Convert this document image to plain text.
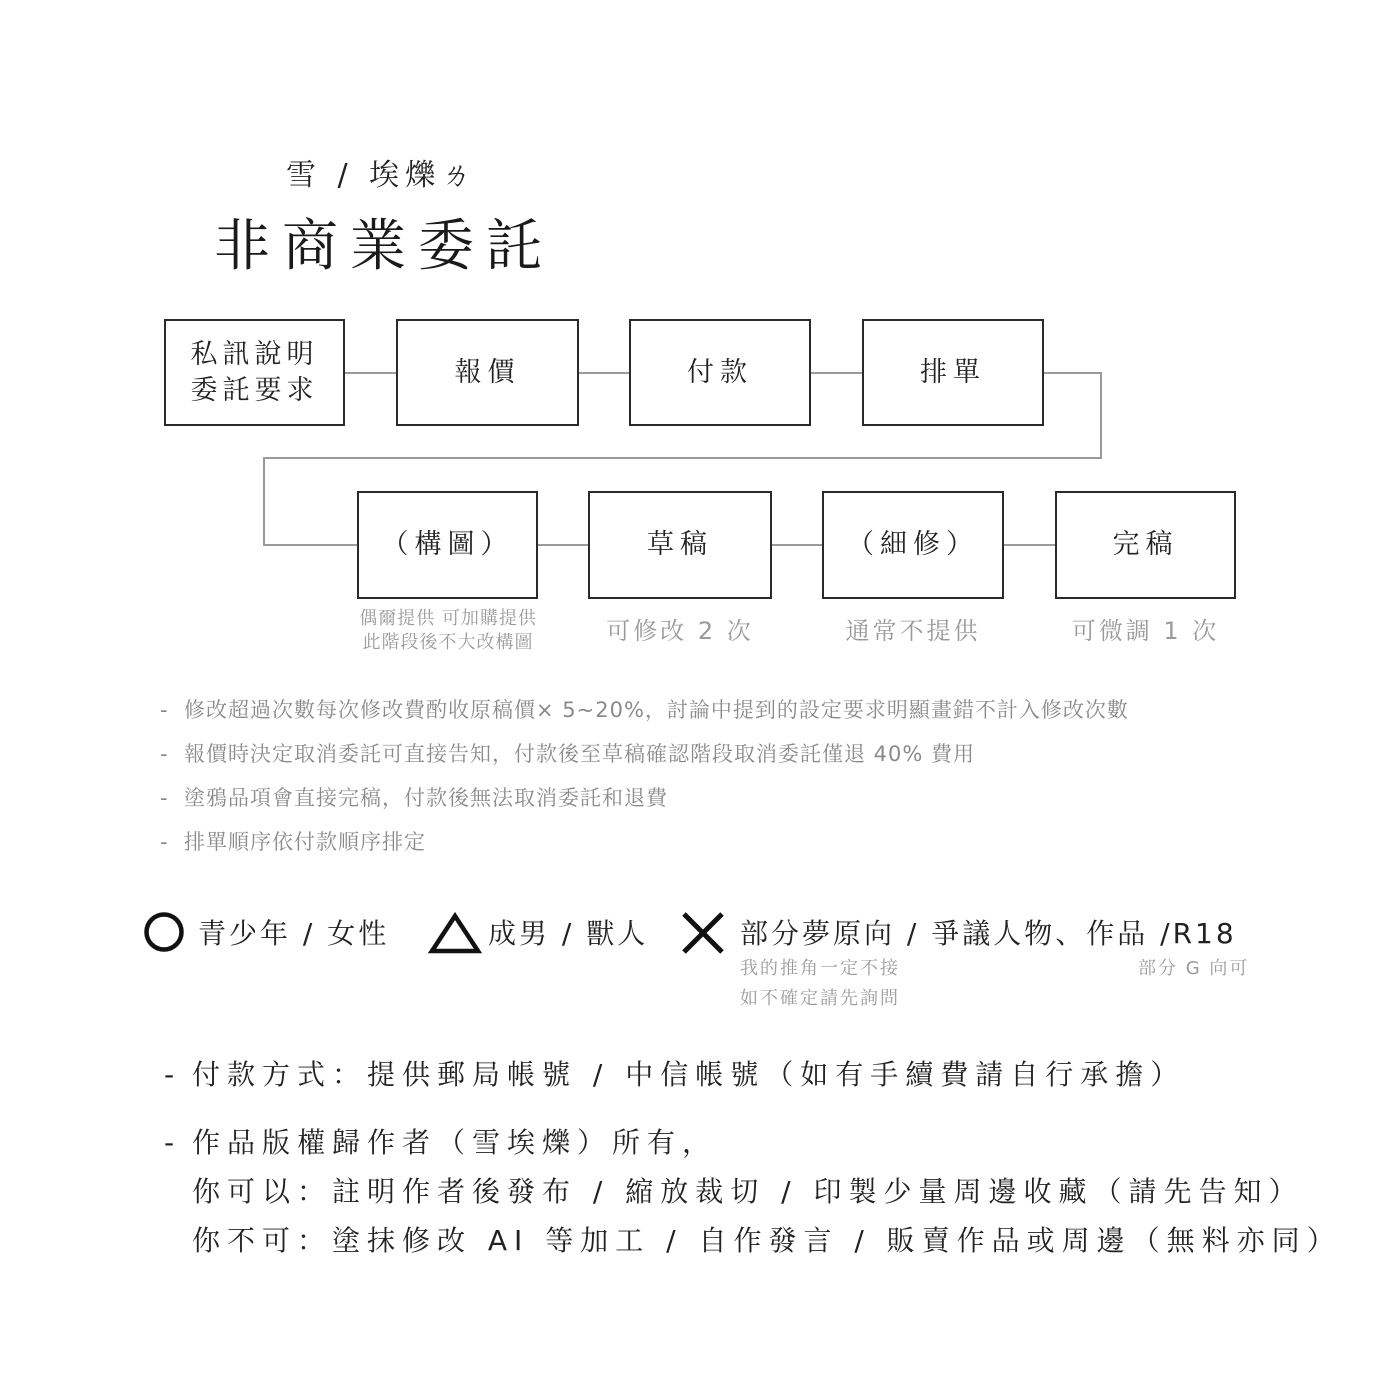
雪 / 埃爍ㄌ
非商業委託
私訊說明
委託要求
報價	付款	排單
（構圖）	草稿	（細修）	完稿
偶爾提供 可加購提供
此階段後不大改構圖	可修改 2 次	通常不提供	可微調 1 次
- 修改超過次數每次修改費酌收原稿價× 5~20%，討論中提到的設定要求明顯畫錯不計入修改次數
- 報價時決定取消委託可直接告知，付款後至草稿確認階段取消委託僅退 40% 費用
- 塗鴉品項會直接完稿，付款後無法取消委託和退費
- 排單順序依付款順序排定
青少年 / 女性	成男 / 獸人	部分夢原向 / 爭議人物、作品 /R18
我的推角一定不接
如不確定請先詢問
部分 G 向可
- 付款方式：提供郵局帳號 / 中信帳號（如有手續費請自行承擔）
- 作品版權歸作者（雪埃爍）所有，
你可以：註明作者後發布 / 縮放裁切 / 印製少量周邊收藏（請先告知）
你不可：塗抹修改 AI 等加工 / 自作發言 / 販賣作品或周邊（無料亦同）
